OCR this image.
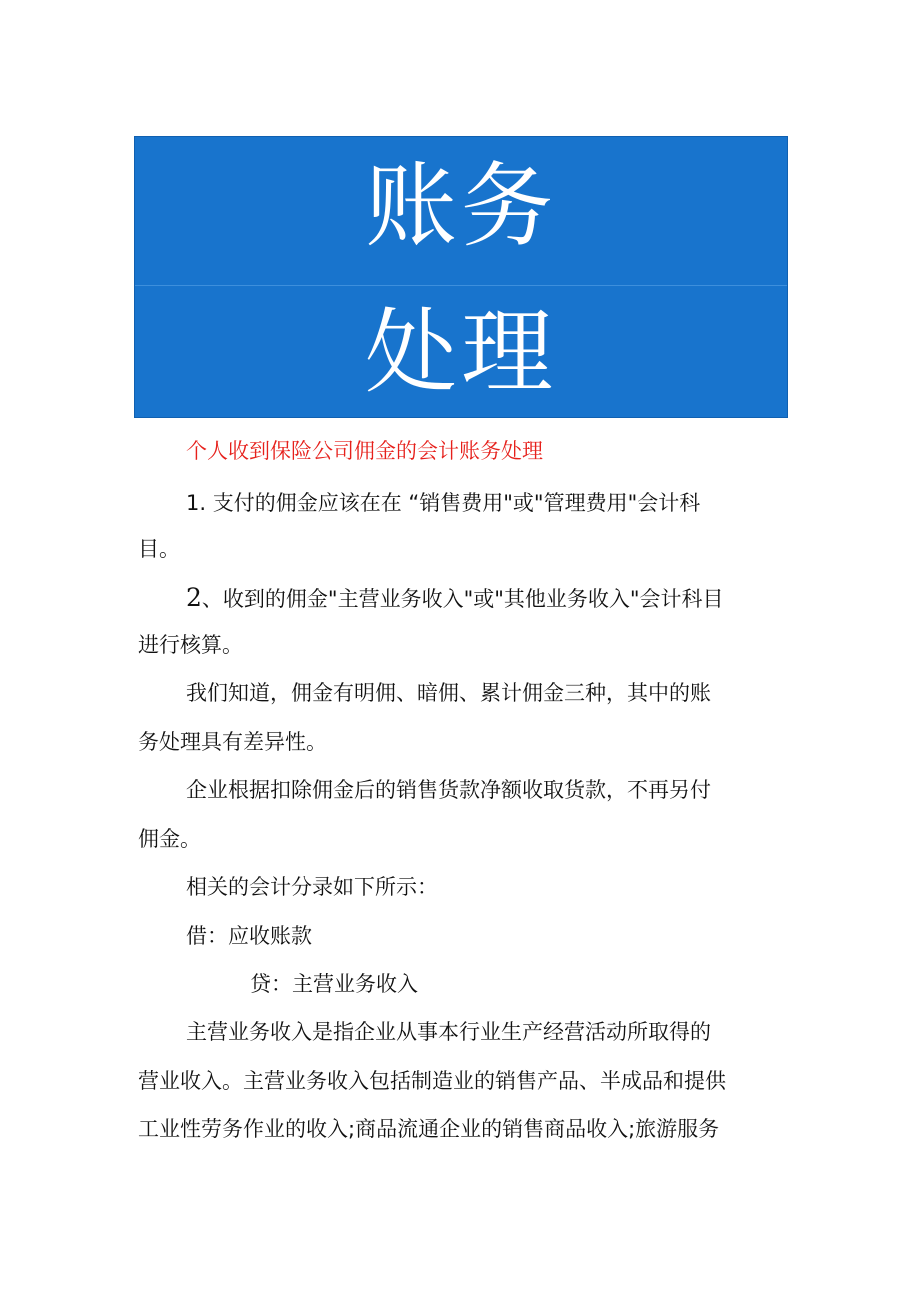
账务
处理
个人收到保险公司佣金的会计账务处理
1. 支付的佣金应该在在 “销售费用"或"管理费用"会计科
目。
2、收到的佣金"主营业务收入"或"其他业务收入"会计科目
进行核算。
我们知道，佣金有明佣、暗佣、累计佣金三种，其中的账
务处理具有差异性。
企业根据扣除佣金后的销售货款净额收取货款，不再另付
佣金。
相关的会计分录如下所示：
借：应收账款
贷：主营业务收入
主营业务收入是指企业从事本行业生产经营活动所取得的
营业收入。主营业务收入包括制造业的销售产品、半成品和提供
工业性劳务作业的收入;商品流通企业的销售商品收入;旅游服务
